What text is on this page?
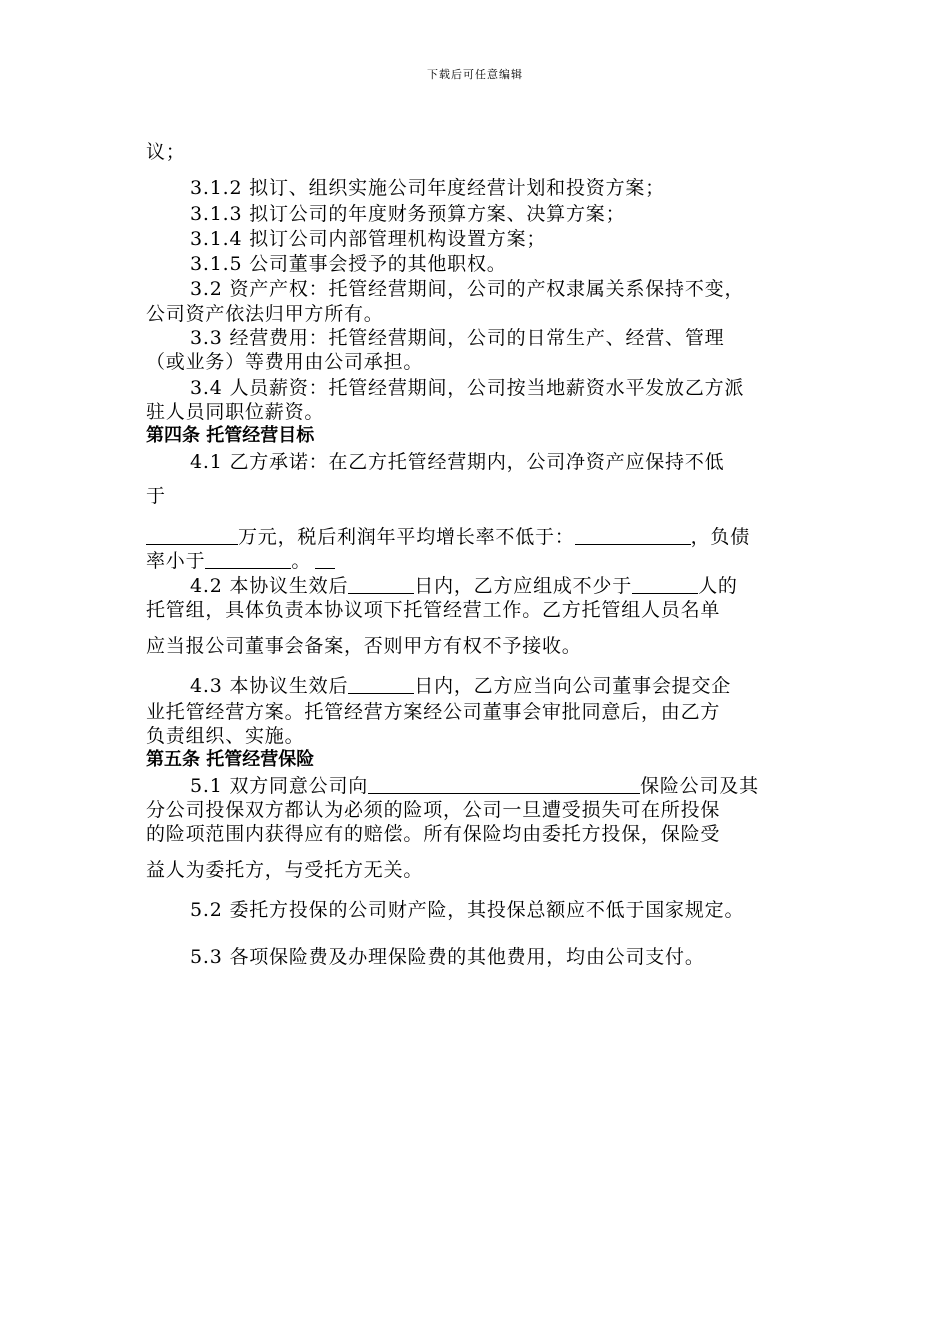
下载后可任意编辑
议；
3.1.2 拟订、组织实施公司年度经营计划和投资方案；
3.1.3 拟订公司的年度财务预算方案、决算方案；
3.1.4 拟订公司内部管理机构设置方案；
3.1.5 公司董事会授予的其他职权。
3.2 资产产权：托管经营期间，公司的产权隶属关系保持不变，
公司资产依法归甲方所有。
3.3 经营费用：托管经营期间，公司的日常生产、经营、管理
（或业务）等费用由公司承担。
3.4 人员薪资：托管经营期间，公司按当地薪资水平发放乙方派
驻人员同职位薪资。
第四条 托管经营目标
4.1 乙方承诺：在乙方托管经营期内，公司净资产应保持不低
于
万元，税后利润年平均增长率不低于：	，负债
率小于	。
4.2 本协议生效后	日内，乙方应组成不少于	人的
托管组，具体负责本协议项下托管经营工作。乙方托管组人员名单
应当报公司董事会备案，否则甲方有权不予接收。
4.3 本协议生效后	日内，乙方应当向公司董事会提交企
业托管经营方案。托管经营方案经公司董事会审批同意后，由乙方
负责组织、实施。
第五条 托管经营保险
5.1 双方同意公司向	保险公司及其
分公司投保双方都认为必须的险项，公司一旦遭受损失可在所投保
的险项范围内获得应有的赔偿。所有保险均由委托方投保，保险受
益人为委托方，与受托方无关。
5.2 委托方投保的公司财产险，其投保总额应不低于国家规定。
5.3 各项保险费及办理保险费的其他费用，均由公司支付。
